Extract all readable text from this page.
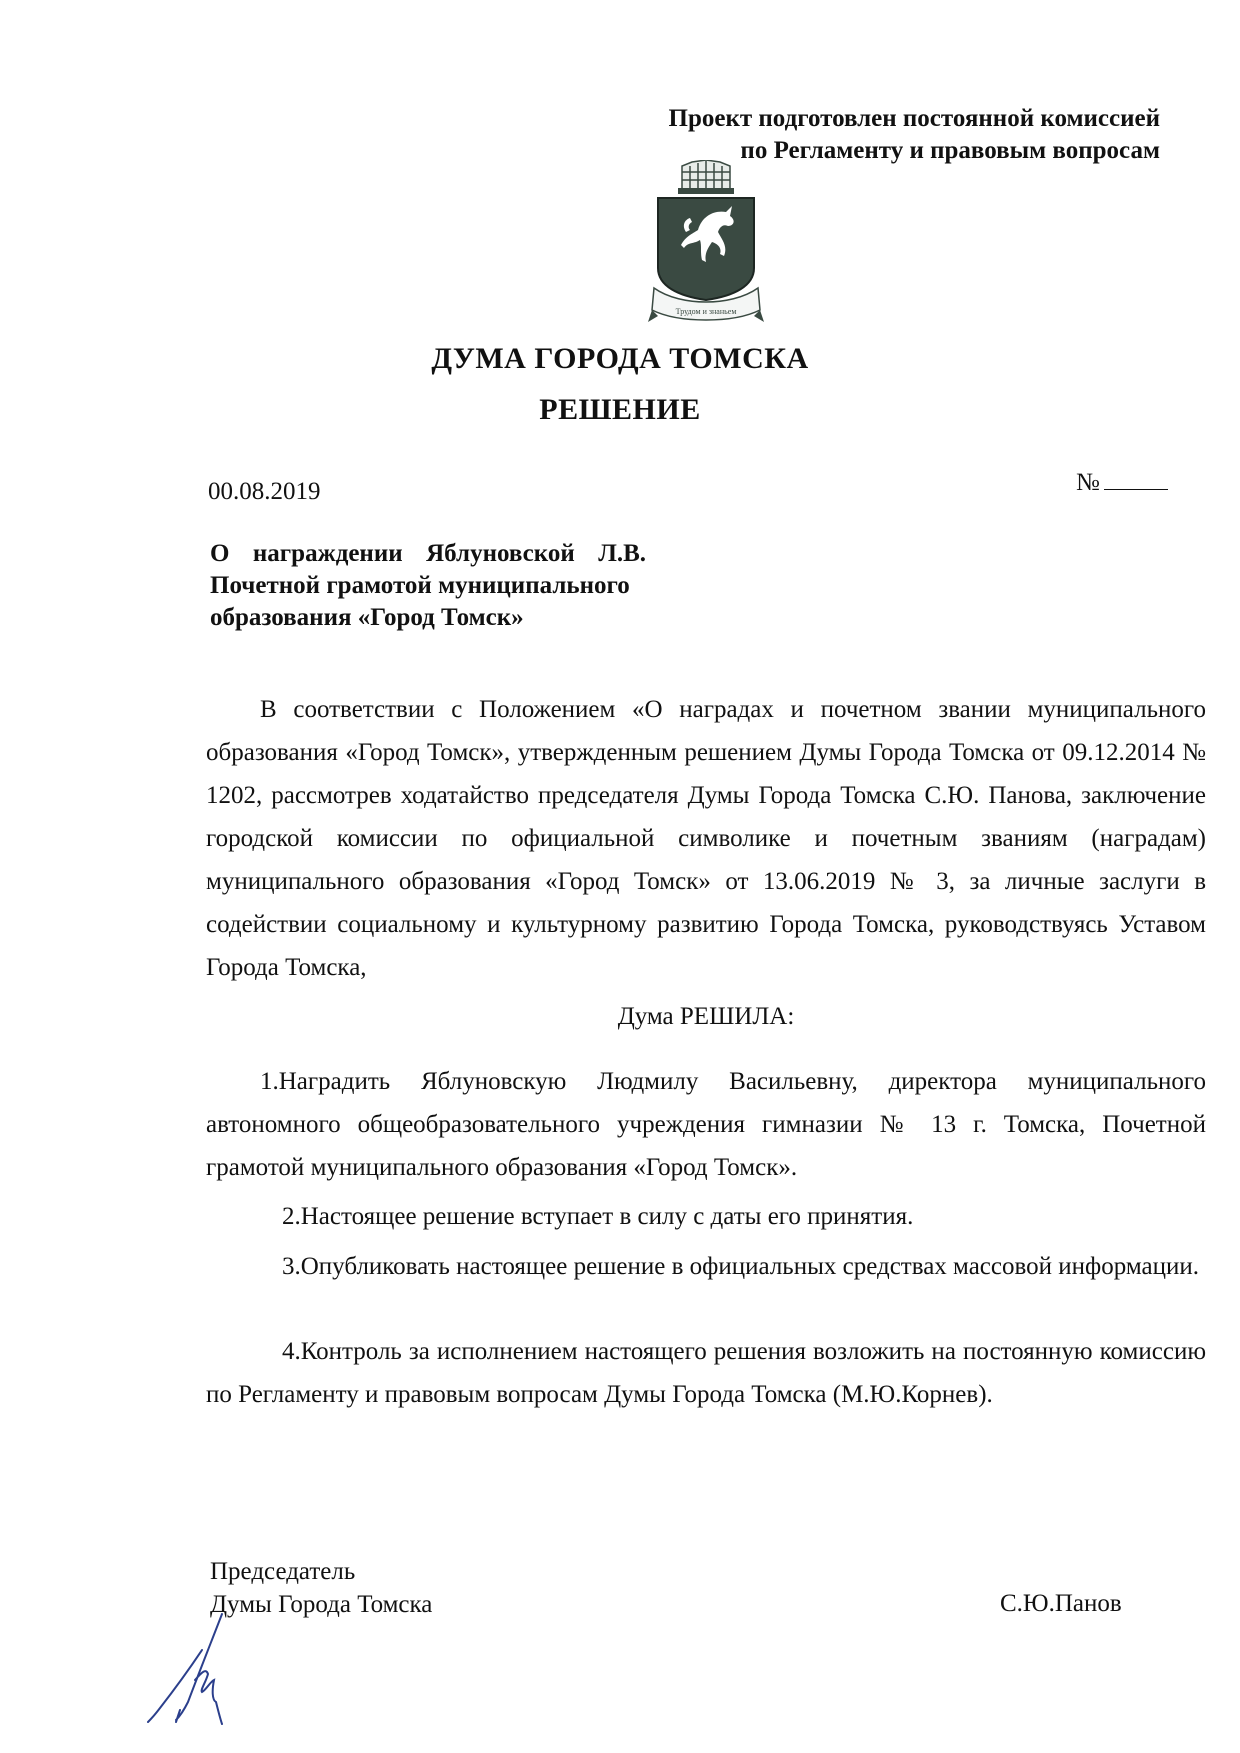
Проект подготовлен постоянной комиссией
по Регламенту и правовым вопросам
Трудом и знаньем
ДУМА ГОРОДА ТОМСКА
РЕШЕНИЕ
00.08.2019	№
О награждении Яблуновской Л.В.
Почетной грамотой муниципального
образования «Город Томск»
В соответствии с Положением «О наградах и почетном звании муниципального образования «Город Томск», утвержденным решением Думы Города Томска от 09.12.2014 № 1202, рассмотрев ходатайство председателя Думы Города Томска С.Ю. Панова, заключение городской комиссии по официальной символике и почетным званиям (наградам) муниципального образования «Город Томск» от 13.06.2019 № 3, за личные заслуги в содействии социальному и культурному развитию Города Томска, руководствуясь Уставом Города Томска,
Дума РЕШИЛА:
1.Наградить Яблуновскую Людмилу Васильевну, директора муниципального автономного общеобразовательного учреждения гимназии № 13 г. Томска, Почетной грамотой муниципального образования «Город Томск».
2.Настоящее решение вступает в силу с даты его принятия.
3.Опубликовать настоящее решение в официальных средствах массовой информации.
4.Контроль за исполнением настоящего решения возложить на постоянную комиссию по Регламенту и правовым вопросам Думы Города Томска (М.Ю.Корнев).
Председатель
Думы Города Томска	С.Ю.Панов
